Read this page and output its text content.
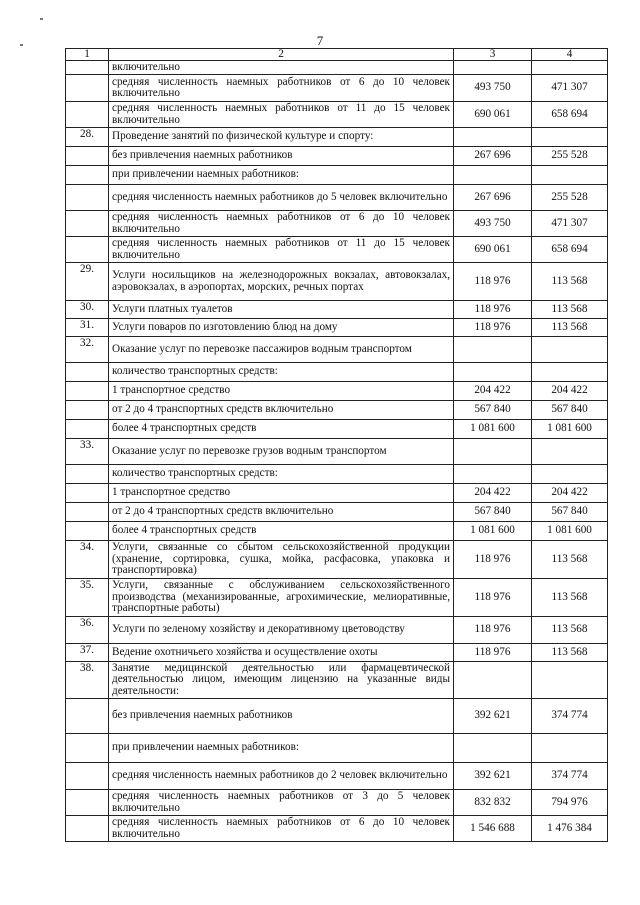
7
1	2	3	4
	включительно		
	средняя численность наемных работников от 6 до 10 человек включительно	493 750	471 307
	средняя численность наемных работников от 11 до 15 человек включительно	690 061	658 694
28.	Проведение занятий по физической культуре и спорту:		
	без привлечения наемных работников	267 696	255 528
	при привлечении наемных работников:		
	средняя численность наемных работников до 5 человек включительно	267 696	255 528
	средняя численность наемных работников от 6 до 10 человек включительно	493 750	471 307
	средняя численность наемных работников от 11 до 15 человек включительно	690 061	658 694
29.	Услуги носильщиков на железнодорожных вокзалах, автовокзалах, аэровокзалах, в аэропортах, морских, речных портах	118 976	113 568
30.	Услуги платных туалетов	118 976	113 568
31.	Услуги поваров по изготовлению блюд на дому	118 976	113 568
32.	Оказание услуг по перевозке пассажиров водным транспортом		
	количество транспортных средств:		
	1 транспортное средство	204 422	204 422
	от 2 до 4 транспортных средств включительно	567 840	567 840
	более 4 транспортных средств	1 081 600	1 081 600
33.	Оказание услуг по перевозке грузов водным транспортом		
	количество транспортных средств:		
	1 транспортное средство	204 422	204 422
	от 2 до 4 транспортных средств включительно	567 840	567 840
	более 4 транспортных средств	1 081 600	1 081 600
34.	Услуги, связанные со сбытом сельскохозяйственной продукции (хранение, сортировка, сушка, мойка, расфасовка, упаковка и транспортировка)	118 976	113 568
35.	Услуги, связанные с обслуживанием сельскохозяйственного производства (механизированные, агрохимические, мелиоративные, транспортные работы)	118 976	113 568
36.	Услуги по зеленому хозяйству и декоративному цветоводству	118 976	113 568
37.	Ведение охотничьего хозяйства и осуществление охоты	118 976	113 568
38.	Занятие медицинской деятельностью или фармацевтической деятельностью лицом, имеющим лицензию на указанные виды деятельности:		
	без привлечения наемных работников	392 621	374 774
	при привлечении наемных работников:		
	средняя численность наемных работников до 2 человек включительно	392 621	374 774
	средняя численность наемных работников от 3 до 5 человек включительно	832 832	794 976
	средняя численность наемных работников от 6 до 10 человек включительно	1 546 688	1 476 384
